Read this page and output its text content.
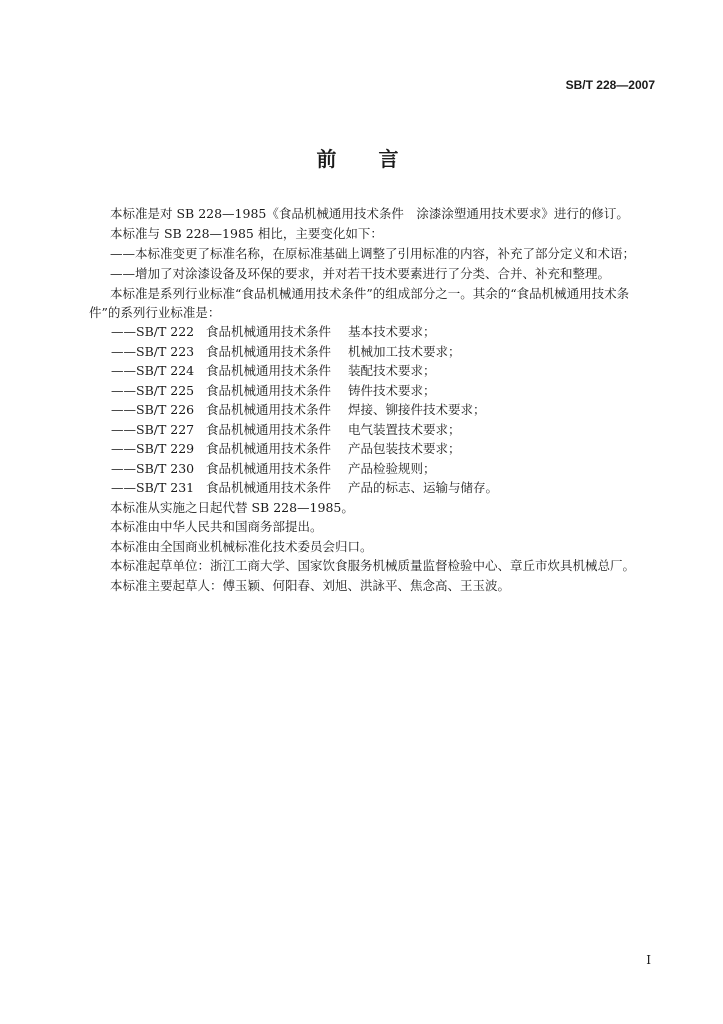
SB/T 228—2007
前 言
本标准是对 SB 228—1985《食品机械通用技术条件　涂漆涂塑通用技术要求》进行的修订。
本标准与 SB 228—1985 相比，主要变化如下：
——本标准变更了标准名称，在原标准基础上调整了引用标准的内容，补充了部分定义和术语；
——增加了对涂漆设备及环保的要求，并对若干技术要素进行了分类、合并、补充和整理。
本标准是系列行业标准“食品机械通用技术条件”的组成部分之一。其余的“食品机械通用技术条
件”的系列行业标准是：
——SB/T 222 食品机械通用技术条件 基本技术要求；
——SB/T 223 食品机械通用技术条件 机械加工技术要求；
——SB/T 224 食品机械通用技术条件 装配技术要求；
——SB/T 225 食品机械通用技术条件 铸件技术要求；
——SB/T 226 食品机械通用技术条件 焊接、铆接件技术要求；
——SB/T 227 食品机械通用技术条件 电气装置技术要求；
——SB/T 229 食品机械通用技术条件 产品包装技术要求；
——SB/T 230 食品机械通用技术条件 产品检验规则；
——SB/T 231 食品机械通用技术条件 产品的标志、运输与储存。
本标准从实施之日起代替 SB 228—1985。
本标准由中华人民共和国商务部提出。
本标准由全国商业机械标准化技术委员会归口。
本标准起草单位：浙江工商大学、国家饮食服务机械质量监督检验中心、章丘市炊具机械总厂。
本标准主要起草人：傅玉颖、何阳春、刘旭、洪詠平、焦念高、王玉波。
I
